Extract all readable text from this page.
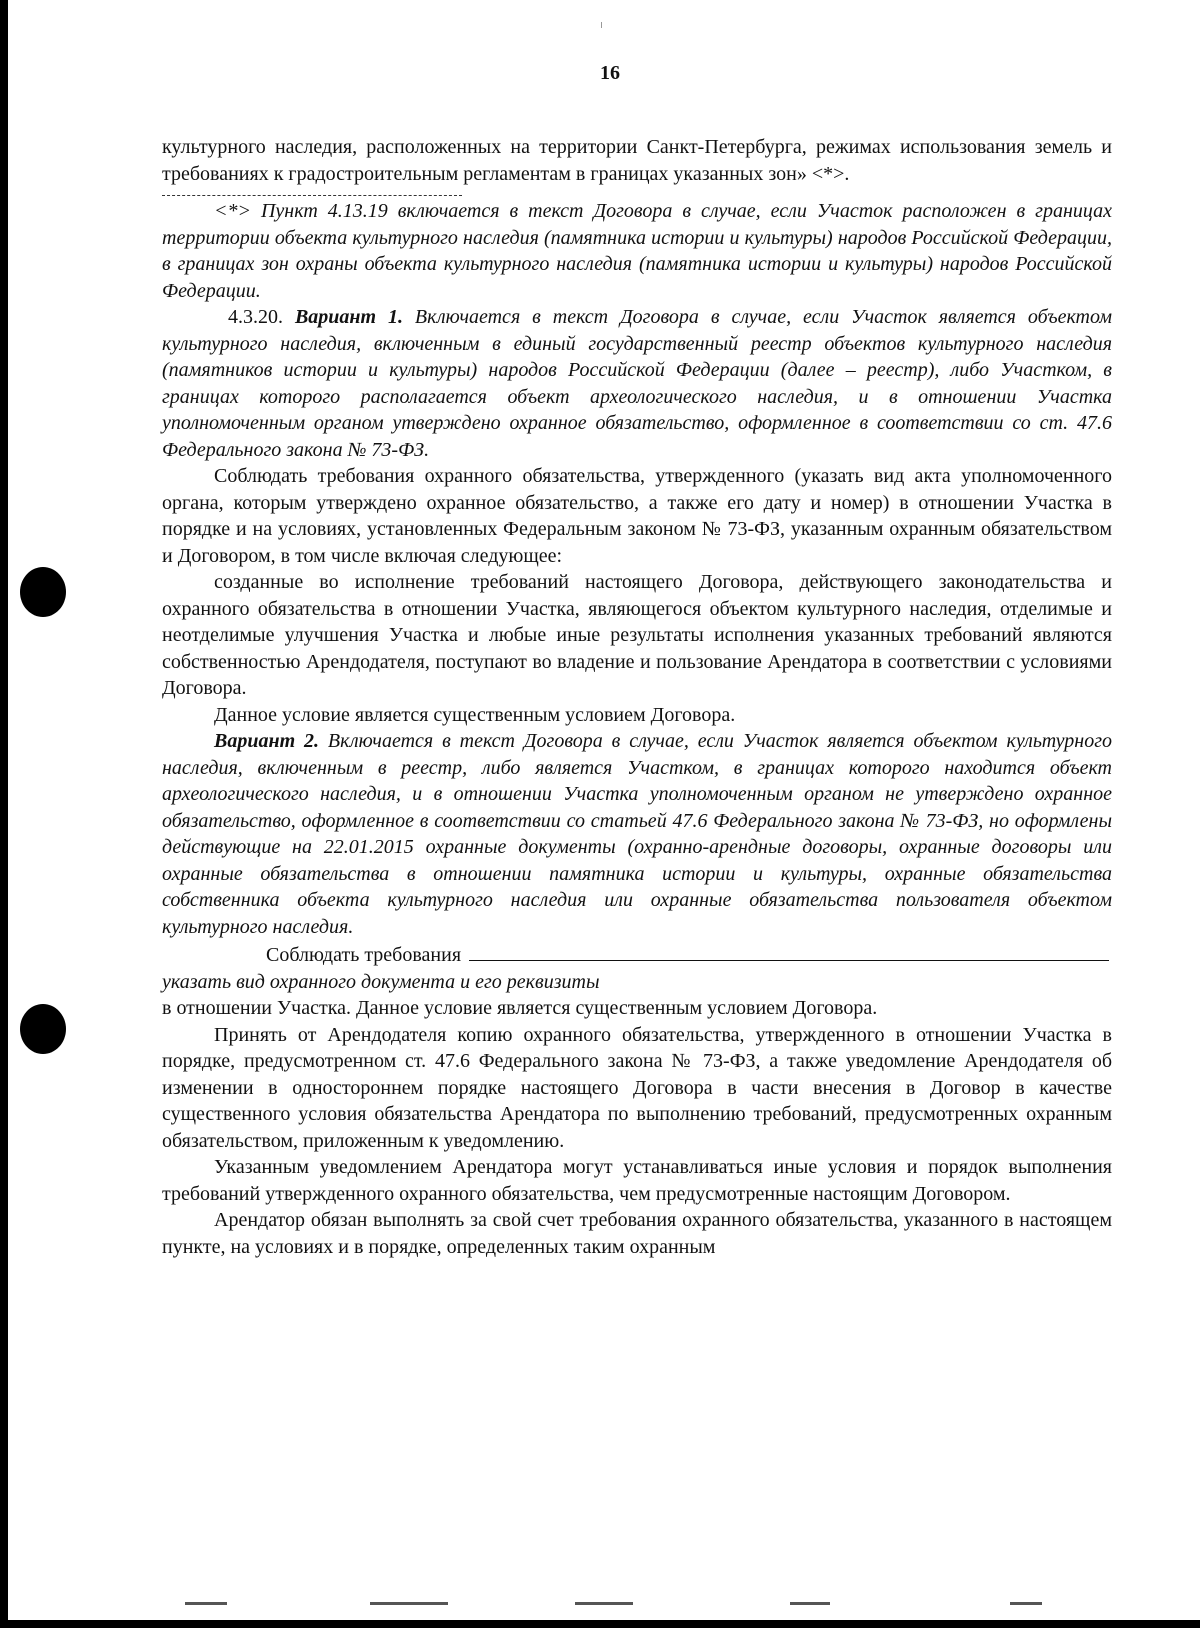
16

культурного наследия, расположенных на территории Санкт-Петербурга, режимах использования земель и требованиях к градостроительным регламентам в границах указанных зон» <*>.

<*> Пункт 4.13.19 включается в текст Договора в случае, если Участок расположен в границах территории объекта культурного наследия (памятника истории и культуры) народов Российской Федерации, в границах зон охраны объекта культурного наследия (памятника истории и культуры) народов Российской Федерации.

4.3.20. Вариант 1. Включается в текст Договора в случае, если Участок является объектом культурного наследия, включенным в единый государственный реестр объектов культурного наследия (памятников истории и культуры) народов Российской Федерации (далее – реестр), либо Участком, в границах которого располагается объект археологического наследия, и в отношении Участка уполномоченным органом утверждено охранное обязательство, оформленное в соответствии со ст. 47.6 Федерального закона № 73-ФЗ.

Соблюдать требования охранного обязательства, утвержденного (указать вид акта уполномоченного органа, которым утверждено охранное обязательство, а также его дату и номер) в отношении Участка в порядке и на условиях, установленных Федеральным законом № 73-ФЗ, указанным охранным обязательством и Договором, в том числе включая следующее:

созданные во исполнение требований настоящего Договора, действующего законодательства и охранного обязательства в отношении Участка, являющегося объектом культурного наследия, отделимые и неотделимые улучшения Участка и любые иные результаты исполнения указанных требований являются собственностью Арендодателя, поступают во владение и пользование Арендатора в соответствии с условиями Договора.

Данное условие является существенным условием Договора.

Вариант 2. Включается в текст Договора в случае, если Участок является объектом культурного наследия, включенным в реестр, либо является Участком, в границах которого находится объект археологического наследия, и в отношении Участка уполномоченным органом не утверждено охранное обязательство, оформленное в соответствии со статьей 47.6 Федерального закона № 73-ФЗ, но оформлены действующие на 22.01.2015 охранные документы (охранно-арендные договоры, охранные договоры или охранные обязательства в отношении памятника истории и культуры, охранные обязательства собственника объекта культурного наследия или охранные обязательства пользователя объектом культурного наследия.

Соблюдать требования

указать вид охранного документа и его реквизиты

в отношении Участка. Данное условие является существенным условием Договора.

Принять от Арендодателя копию охранного обязательства, утвержденного в отношении Участка в порядке, предусмотренном ст. 47.6 Федерального закона № 73-ФЗ, а также уведомление Арендодателя об изменении в одностороннем порядке настоящего Договора в части внесения в Договор в качестве существенного условия обязательства Арендатора по выполнению требований, предусмотренных охранным обязательством, приложенным к уведомлению.

Указанным уведомлением Арендатора могут устанавливаться иные условия и порядок выполнения требований утвержденного охранного обязательства, чем предусмотренные настоящим Договором.

Арендатор обязан выполнять за свой счет требования охранного обязательства, указанного в настоящем пункте, на условиях и в порядке, определенных таким охранным
